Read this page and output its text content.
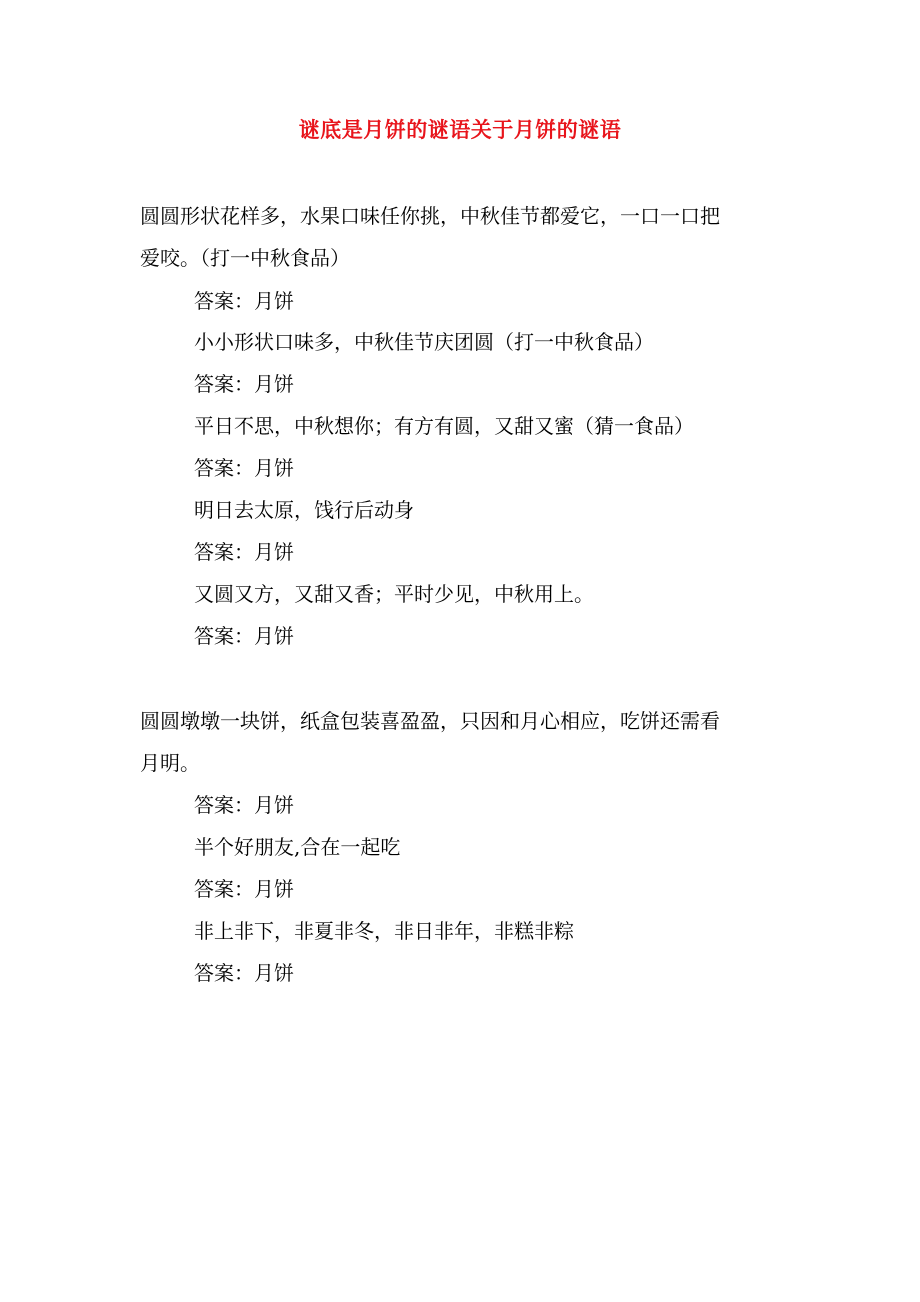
谜底是月饼的谜语关于月饼的谜语
圆圆形状花样多，水果口味任你挑，中秋佳节都爱它，一口一口把
爱咬。（打一中秋食品）
答案：月饼
小小形状口味多，中秋佳节庆团圆（打一中秋食品）
答案：月饼
平日不思，中秋想你；有方有圆，又甜又蜜（猜一食品）
答案：月饼
明日去太原，饯行后动身
答案：月饼
又圆又方，又甜又香；平时少见，中秋用上。
答案：月饼
圆圆墩墩一块饼，纸盒包装喜盈盈，只因和月心相应，吃饼还需看
月明。
答案：月饼
半个好朋友,合在一起吃
答案：月饼
非上非下，非夏非冬，非日非年，非糕非粽
答案：月饼
